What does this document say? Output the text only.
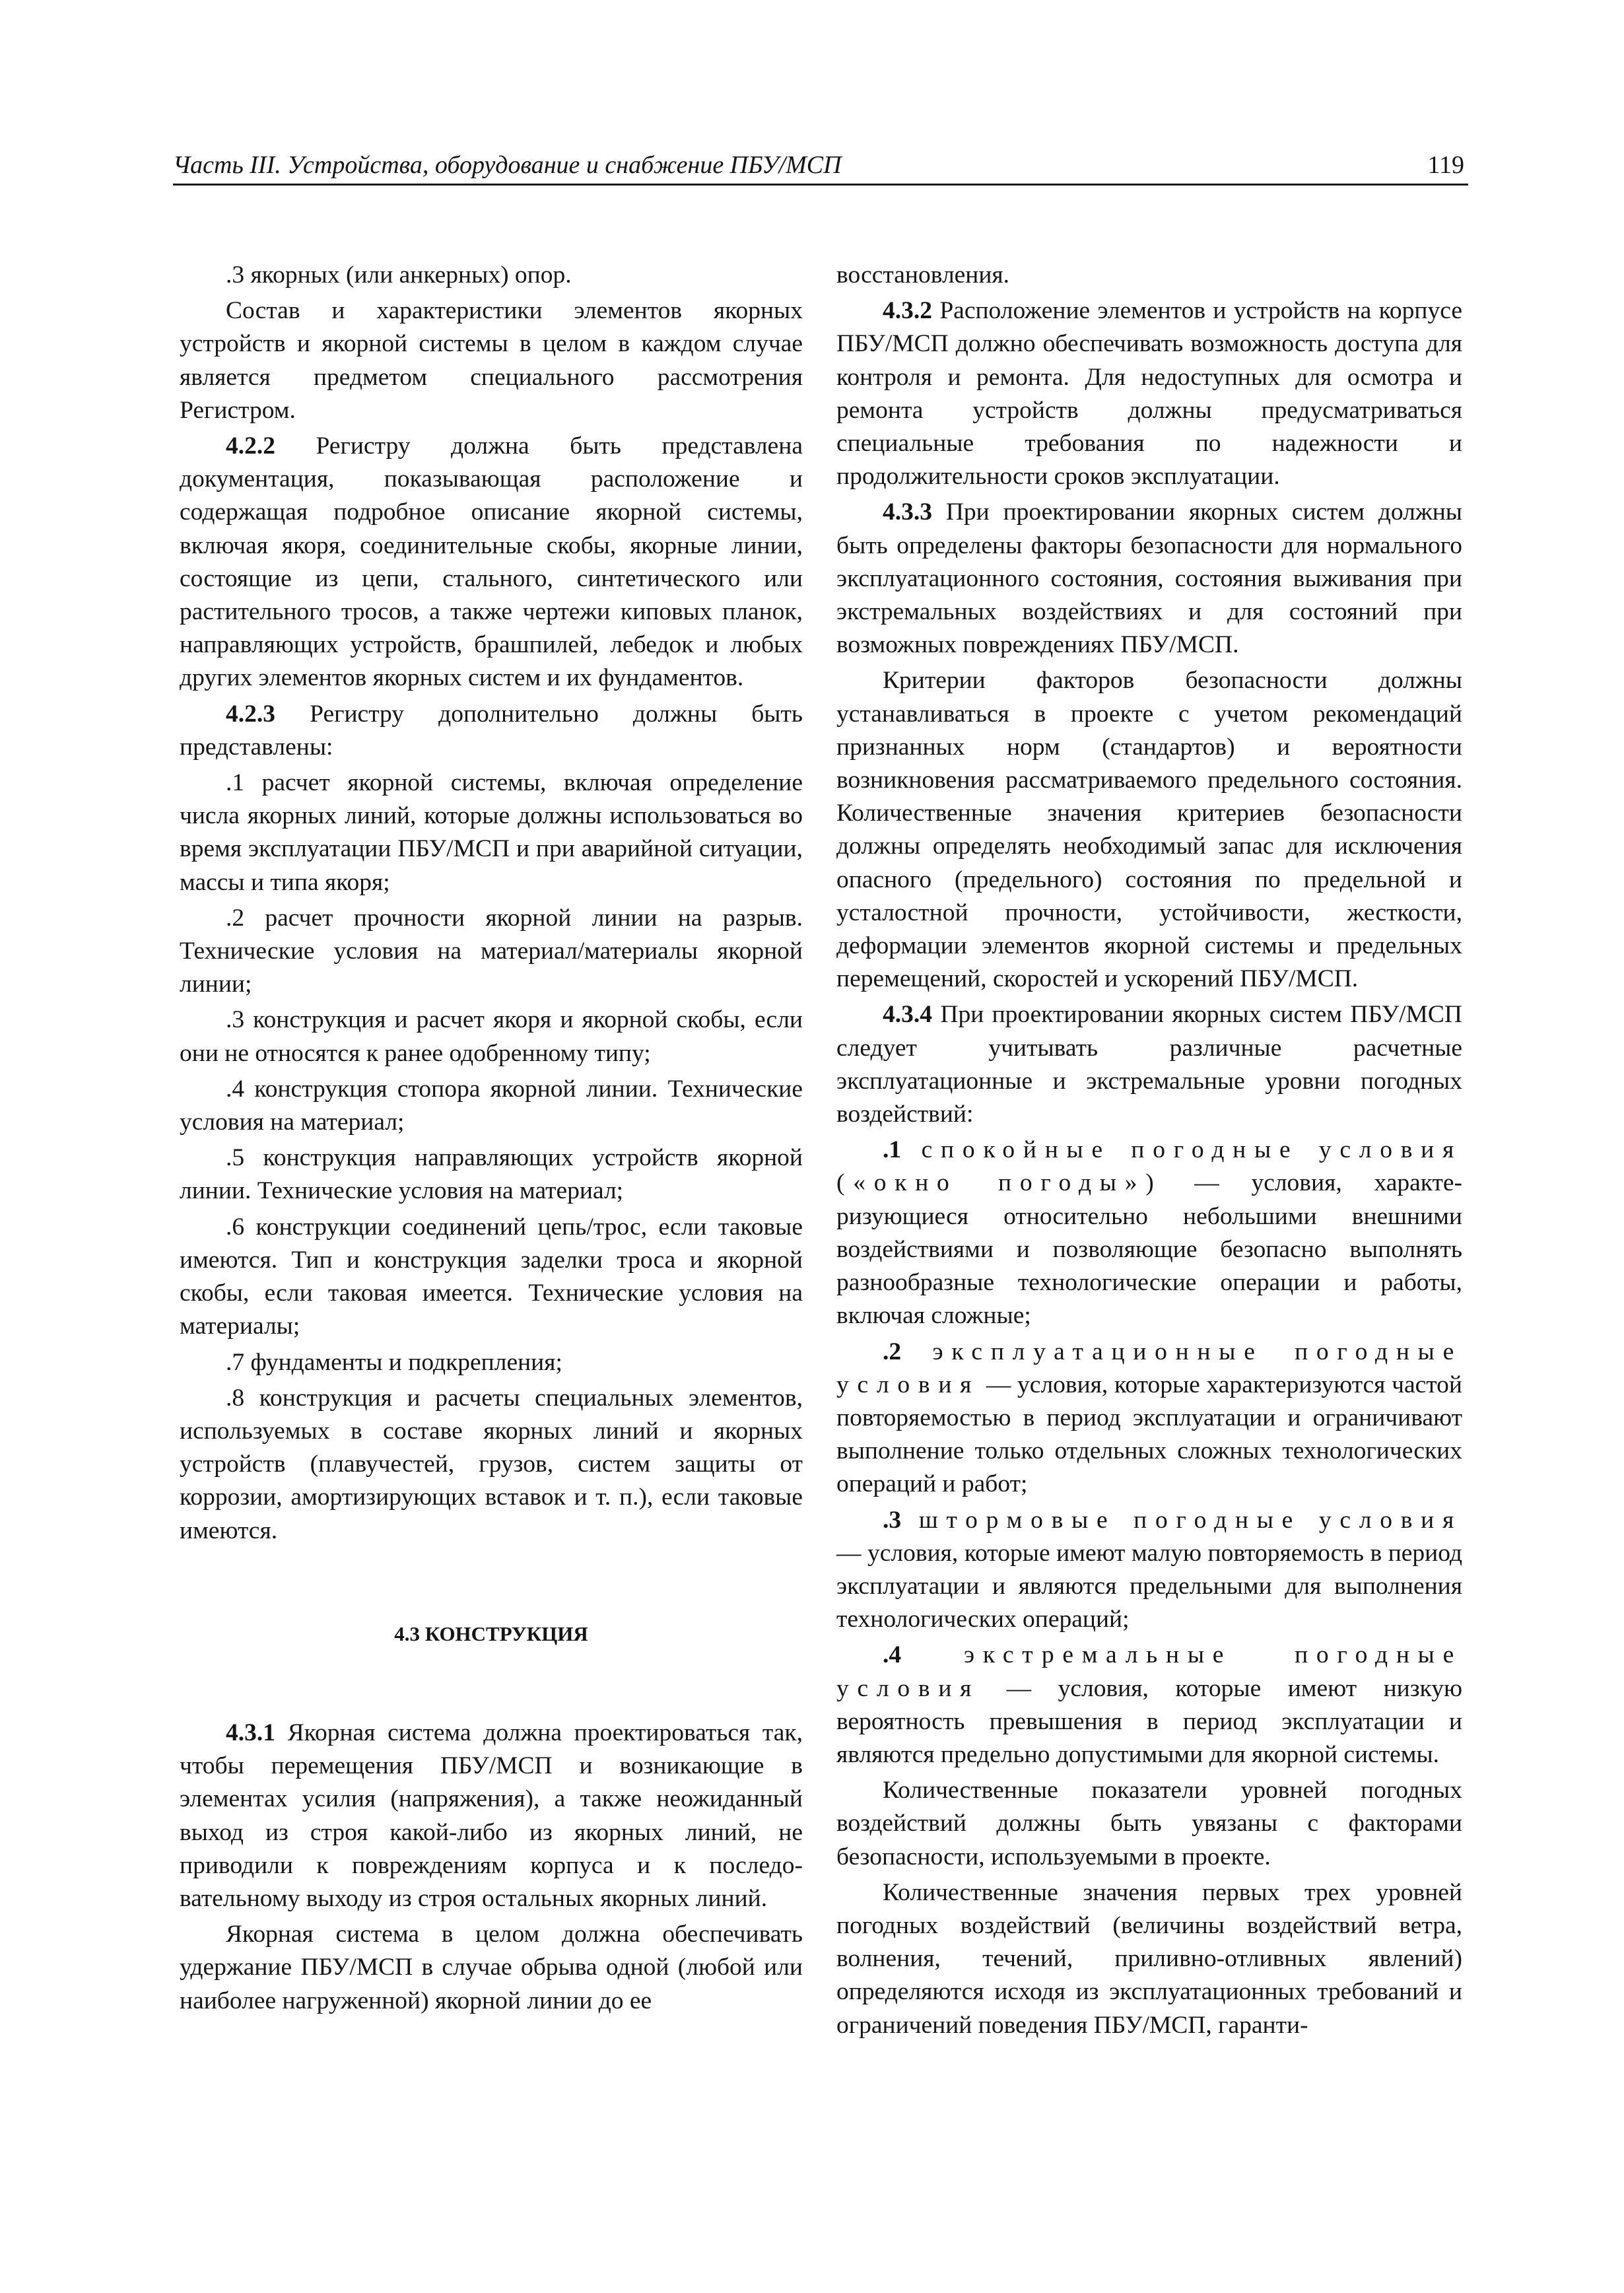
Часть III. Устройства, оборудование и снабжение ПБУ/МСП	119

.3 якорных (или анкерных) опор.

Состав и характеристики элементов якорных устройств и якорной системы в целом в каждом случае является предметом специального рассмотрения Регистром.

4.2.2 Регистру должна быть представлена документация, показывающая расположение и содержащая подробное описание якорной системы, включая якоря, соединительные скобы, якорные линии, состоящие из цепи, стального, синтетического или растительного тросов, а также чертежи киповых планок, направляющих устройств, брашпилей, лебедок и любых других элементов якорных систем и их фундаментов.

4.2.3 Регистру дополнительно должны быть представлены:

.1 расчет якорной системы, включая определение числа якорных линий, которые должны использоваться во время эксплуатации ПБУ/МСП и при аварийной ситуации, массы и типа якоря;

.2 расчет прочности якорной линии на разрыв. Технические условия на материал/материалы якорной линии;

.3 конструкция и расчет якоря и якорной скобы, если они не относятся к ранее одобренному типу;

.4 конструкция стопора якорной линии. Технические условия на материал;

.5 конструкция направляющих устройств якорной линии. Технические условия на материал;

.6 конструкции соединений цепь/трос, если таковые имеются. Тип и конструкция заделки троса и якорной скобы, если таковая имеется. Технические условия на материалы;

.7 фундаменты и подкрепления;

.8 конструкция и расчеты специальных элементов, используемых в составе якорных линий и якорных устройств (плавучестей, грузов, систем защиты от коррозии, амортизирующих вставок и т. п.), если таковые имеются.

4.3 КОНСТРУКЦИЯ

4.3.1 Якорная система должна проектироваться так, чтобы перемещения ПБУ/МСП и возникающие в элементах усилия (напряжения), а также неожиданный выход из строя какой-либо из якорных линий, не приводили к повреждениям корпуса и к последовательному выходу из строя остальных якорных линий.

Якорная система в целом должна обеспечивать удержание ПБУ/МСП в случае обрыва одной (любой или наиболее нагруженной) якорной линии до ее

восстановления.

4.3.2 Расположение элементов и устройств на корпусе ПБУ/МСП должно обеспечивать возможность доступа для контроля и ремонта. Для недоступных для осмотра и ремонта устройств должны предусматриваться специальные требования по надежности и продолжительности сроков эксплуатации.

4.3.3 При проектировании якорных систем должны быть определены факторы безопасности для нормального эксплуатационного состояния, состояния выживания при экстремальных воздействиях и для состояний при возможных повреждениях ПБУ/МСП.

Критерии факторов безопасности должны устанавливаться в проекте с учетом рекомендаций признанных норм (стандартов) и вероятности возникновения рассматриваемого предельного состояния. Количественные значения критериев безопасности должны определять необходимый запас для исключения опасного (предельного) состояния по предельной и усталостной прочности, устойчивости, жесткости, деформации элементов якорной системы и предельных перемещений, скоростей и ускорений ПБУ/МСП.

4.3.4 При проектировании якорных систем ПБУ/МСП следует учитывать различные расчетные эксплуатационные и экстремальные уровни погодных воздействий:

.1 спокойные погодные условия («окно погоды») — условия, характеризующиеся относительно небольшими внешними воздействиями и позволяющие безопасно выполнять разнообразные технологические операции и работы, включая сложные;

.2 эксплуатационные погодные условия — условия, которые характеризуются частой повторяемостью в период эксплуатации и ограничивают выполнение только отдельных сложных технологических операций и работ;

.3 штормовые погодные условия — условия, которые имеют малую повторяемость в период эксплуатации и являются предельными для выполнения технологических операций;

.4 экстремальные погодные условия — условия, которые имеют низкую вероятность превышения в период эксплуатации и являются предельно допустимыми для якорной системы.

Количественные показатели уровней погодных воздействий должны быть увязаны с факторами безопасности, используемыми в проекте.

Количественные значения первых трех уровней погодных воздействий (величины воздействий ветра, волнения, течений, приливно-отливных явлений) определяются исходя из эксплуатационных требований и ограничений поведения ПБУ/МСП, гаранти-
